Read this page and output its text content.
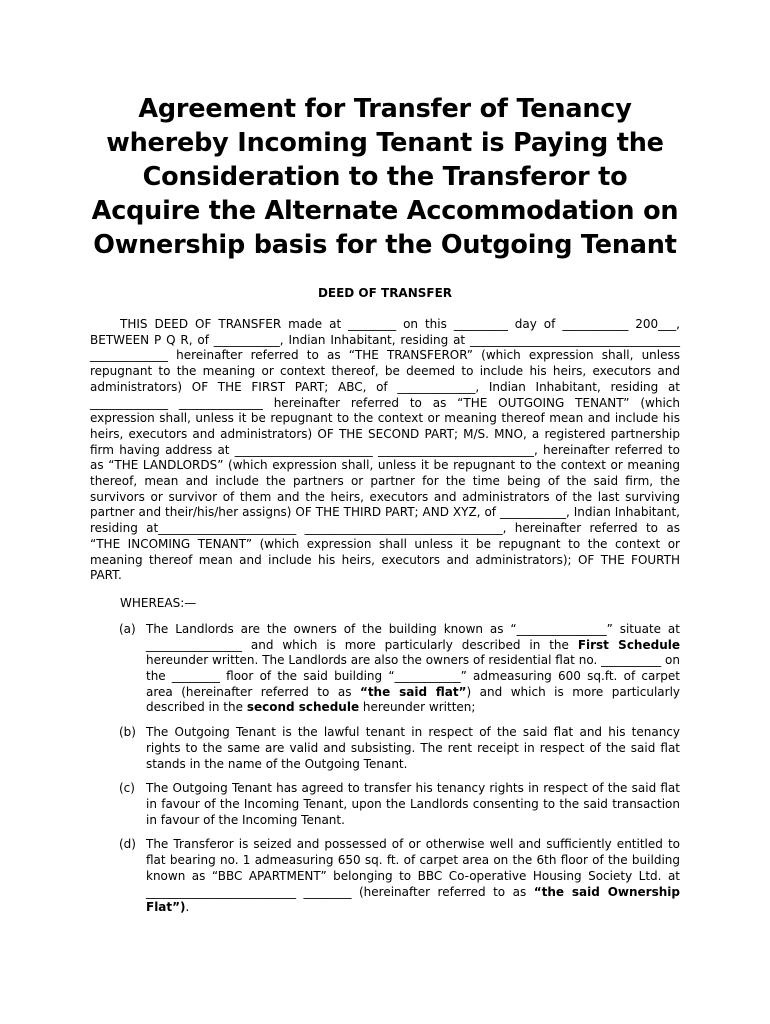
Agreement for Transfer of Tenancy
whereby Incoming Tenant is Paying the
Consideration to the Transferor to
Acquire the Alternate Accommodation on
Ownership basis for the Outgoing Tenant
DEED OF TRANSFER

THIS DEED OF TRANSFER made at ________ on this _________ day of ___________ 200___, BETWEEN P Q R, of ___________, Indian Inhabitant, residing at ___________________________________ _____________ hereinafter referred to as “THE TRANSFEROR” (which expression shall, unless repugnant to the meaning or context thereof, be deemed to include his heirs, executors and administrators) OF THE FIRST PART; ABC, of _____________, Indian Inhabitant, residing at _____________ ______________ hereinafter referred to as “THE OUTGOING TENANT” (which expression shall, unless it be repugnant to the context or meaning thereof mean and include his heirs, executors and administrators) OF THE SECOND PART; M/S. MNO, a registered partnership firm having address at _______________________ __________________________, hereinafter referred to as “THE LANDLORDS” (which expression shall, unless it be repugnant to the context or meaning thereof, mean and include the partners or partner for the time being of the said firm, the survivors or survivor of them and the heirs, executors and administrators of the last surviving partner and their/his/her assigns) OF THE THIRD PART; AND XYZ, of ___________, Indian Inhabitant, residing at_______________________ _________________________________, hereinafter referred to as “THE INCOMING TENANT” (which expression shall unless it be repugnant to the context or meaning thereof mean and include his heirs, executors and administrators); OF THE FOURTH PART.

WHEREAS:—
(a) The Landlords are the owners of the building known as “_______________” situate at ________________ and which is more particularly described in the First Schedule hereunder written. The Landlords are also the owners of residential flat no. __________ on the ________ floor of the said building “___________” admeasuring 600 sq.ft. of carpet area (hereinafter referred to as “the said flat”) and which is more particularly described in the second schedule hereunder written;
(b) The Outgoing Tenant is the lawful tenant in respect of the said flat and his tenancy rights to the same are valid and subsisting. The rent receipt in respect of the said flat stands in the name of the Outgoing Tenant.
(c) The Outgoing Tenant has agreed to transfer his tenancy rights in respect of the said flat in favour of the Incoming Tenant, upon the Landlords consenting to the said transaction in favour of the Incoming Tenant.
(d) The Transferor is seized and possessed of or otherwise well and sufficiently entitled to flat bearing no. 1 admeasuring 650 sq. ft. of carpet area on the 6th floor of the building known as “BBC APARTMENT” belonging to BBC Co-operative Housing Society Ltd. at _________________________ ________ (hereinafter referred to as “the said Ownership Flat”).
